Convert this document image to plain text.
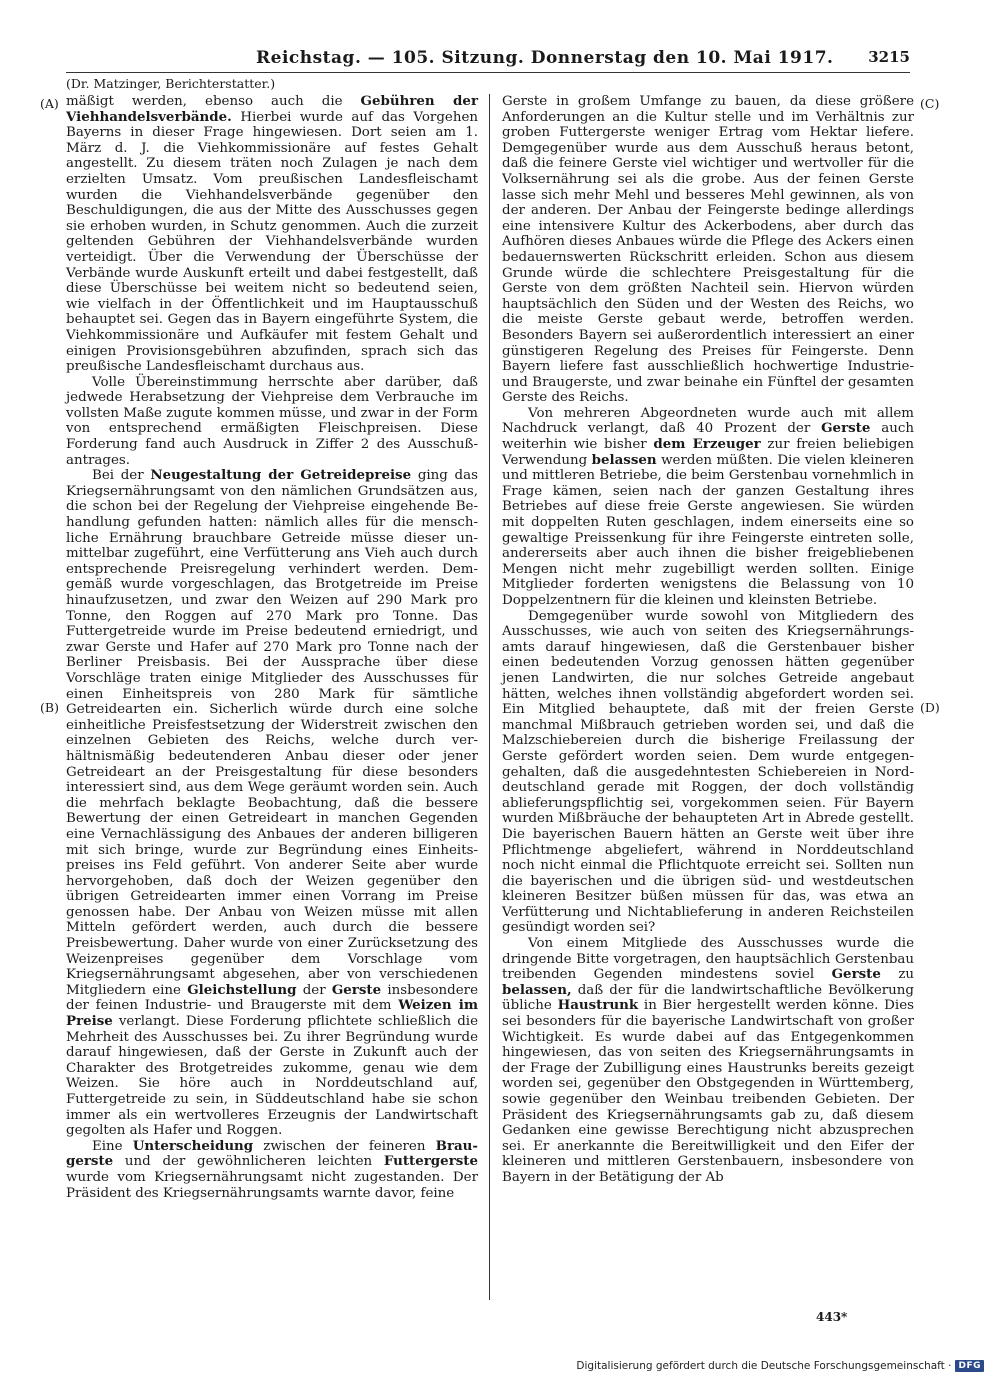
Reichstag. — 105. Sitzung. Donnerstag den 10. Mai 1917. 3215
(Dr. Matzinger, Berichterstatter.)
(A)
(B)
(C)
(D)

mäßigt werden, ebenso auch die Gebühren der Viehhandelsverbände. Hierbei wurde auf das Vorgehen Bayerns in dieser Frage hingewiesen. Dort seien am 1. März d. J. die Viehkommissionäre auf festes Gehalt angestellt. Zu diesem träten noch Zulagen je nach dem erzielten Umsatz. Vom preußischen Landesfleischamt wurden die Viehhandelsverbände gegenüber den Beschuldigungen, die aus der Mitte des Ausschusses gegen sie erhoben wurden, in Schutz genommen. Auch die zurzeit geltenden Gebühren der Viehhandelsverbände wurden verteidigt. Über die Verwendung der Überschüsse der Verbände wurde Auskunft erteilt und dabei festgestellt, daß diese Überschüsse bei weitem nicht so bedeutend seien, wie vielfach in der Öffentlichkeit und im Hauptausschuß behauptet sei. Gegen das in Bayern eingeführte System, die Viehkommissionäre und Aufkäufer mit festem Gehalt und einigen Provisionsgebühren abzufinden, sprach sich das preußische Landesfleischamt durchaus aus.

Volle Übereinstimmung herrschte aber darüber, daß jedwede Herabsetzung der Viehpreise dem Verbrauche im vollsten Maße zugute kommen müsse, und zwar in der Form von entsprechend ermäßigten Fleischpreisen. Diese Forderung fand auch Ausdruck in Ziffer 2 des Ausschußantrages.

Bei der Neugestaltung der Getreidepreise ging das Kriegsernährungsamt von den nämlichen Grundsätzen aus, die schon bei der Regelung der Viehpreise eingehende Behandlung gefunden hatten: nämlich alles für die menschliche Ernährung brauchbare Getreide müsse dieser unmittelbar zugeführt, eine Verfütterung ans Vieh auch durch entsprechende Preisregelung verhindert werden. Demgemäß wurde vorgeschlagen, das Brotgetreide im Preise hinaufzusetzen, und zwar den Weizen auf 290 Mark pro Tonne, den Roggen auf 270 Mark pro Tonne. Das Futtergetreide wurde im Preise bedeutend erniedrigt, und zwar Gerste und Hafer auf 270 Mark pro Tonne nach der Berliner Preisbasis. Bei der Aussprache über diese Vorschläge traten einige Mitglieder des Ausschusses für einen Einheitspreis von 280 Mark für sämtliche Getreidearten ein. Sicherlich würde durch eine solche einheitliche Preisfestsetzung der Widerstreit zwischen den einzelnen Gebieten des Reichs, welche durch verhältnismäßig bedeutenderen Anbau dieser oder jener Getreideart an der Preisgestaltung für diese besonders interessiert sind, aus dem Wege geräumt worden sein. Auch die mehrfach beklagte Beobachtung, daß die bessere Bewertung der einen Getreideart in manchen Gegenden eine Vernachlässigung des Anbaues der anderen billigeren mit sich bringe, wurde zur Begründung eines Einheitspreises ins Feld geführt. Von anderer Seite aber wurde hervorgehoben, daß doch der Weizen gegenüber den übrigen Getreidearten immer einen Vorrang im Preise genossen habe. Der Anbau von Weizen müsse mit allen Mitteln gefördert werden, auch durch die bessere Preisbewertung. Daher wurde von einer Zurücksetzung des Weizenpreises gegenüber dem Vorschlage vom Kriegsernährungsamt abgesehen, aber von verschiedenen Mitgliedern eine Gleichstellung der Gerste insbesondere der feinen Industrie- und Braugerste mit dem Weizen im Preise verlangt. Diese Forderung pflichtete schließlich die Mehrheit des Ausschusses bei. Zu ihrer Begründung wurde darauf hingewiesen, daß der Gerste in Zukunft auch der Charakter des Brotgetreides zukomme, genau wie dem Weizen. Sie höre auch in Norddeutschland auf, Futtergetreide zu sein, in Süddeutschland habe sie schon immer als ein wertvolleres Erzeugnis der Landwirtschaft gegolten als Hafer und Roggen.

Eine Unterscheidung zwischen der feineren Braugerste und der gewöhnlicheren leichten Futtergerste wurde vom Kriegsernährungsamt nicht zugestanden. Der Präsident des Kriegsernährungsamts warnte davor, feine

Gerste in großem Umfange zu bauen, da diese größere Anforderungen an die Kultur stelle und im Verhältnis zur groben Futtergerste weniger Ertrag vom Hektar liefere. Demgegenüber wurde aus dem Ausschuß heraus betont, daß die feinere Gerste viel wichtiger und wertvoller für die Volksernährung sei als die grobe. Aus der feinen Gerste lasse sich mehr Mehl und besseres Mehl gewinnen, als von der anderen. Der Anbau der Feingerste bedinge allerdings eine intensivere Kultur des Ackerbodens, aber durch das Aufhören dieses Anbaues würde die Pflege des Ackers einen bedauernswerten Rückschritt erleiden. Schon aus diesem Grunde würde die schlechtere Preisgestaltung für die Gerste von dem größten Nachteil sein. Hiervon würden hauptsächlich den Süden und der Westen des Reichs, wo die meiste Gerste gebaut werde, betroffen werden. Besonders Bayern sei außerordentlich interessiert an einer günstigeren Regelung des Preises für Feingerste. Denn Bayern liefere fast ausschließlich hochwertige Industrie- und Braugerste, und zwar beinahe ein Fünftel der gesamten Gerste des Reichs.

Von mehreren Abgeordneten wurde auch mit allem Nachdruck verlangt, daß 40 Prozent der Gerste auch weiterhin wie bisher dem Erzeuger zur freien beliebigen Verwendung belassen werden müßten. Die vielen kleineren und mittleren Betriebe, die beim Gerstenbau vornehmlich in Frage kämen, seien nach der ganzen Gestaltung ihres Betriebes auf diese freie Gerste angewiesen. Sie würden mit doppelten Ruten geschlagen, indem einerseits eine so gewaltige Preissenkung für ihre Feingerste eintreten solle, andererseits aber auch ihnen die bisher freigebliebenen Mengen nicht mehr zugebilligt werden sollten. Einige Mitglieder forderten wenigstens die Belassung von 10 Doppelzentnern für die kleinen und kleinsten Betriebe.

Demgegenüber wurde sowohl von Mitgliedern des Ausschusses, wie auch von seiten des Kriegsernährungsamts darauf hingewiesen, daß die Gerstenbauer bisher einen bedeutenden Vorzug genossen hätten gegenüber jenen Landwirten, die nur solches Getreide angebaut hätten, welches ihnen vollständig abgefordert worden sei. Ein Mitglied behauptete, daß mit der freien Gerste manchmal Mißbrauch getrieben worden sei, und daß die Malzschiebereien durch die bisherige Freilassung der Gerste gefördert worden seien. Dem wurde entgegengehalten, daß die ausgedehntesten Schiebereien in Norddeutschland gerade mit Roggen, der doch vollständig ablieferungspflichtig sei, vorgekommen seien. Für Bayern wurden Mißbräuche der behaupteten Art in Abrede gestellt. Die bayerischen Bauern hätten an Gerste weit über ihre Pflichtmenge abgeliefert, während in Norddeutschland noch nicht einmal die Pflichtquote erreicht sei. Sollten nun die bayerischen und die übrigen süd- und westdeutschen kleineren Besitzer büßen müssen für das, was etwa an Verfütterung und Nichtablieferung in anderen Reichsteilen gesündigt worden sei?

Von einem Mitgliede des Ausschusses wurde die dringende Bitte vorgetragen, den hauptsächlich Gerstenbau treibenden Gegenden mindestens soviel Gerste zu belassen, daß der für die landwirtschaftliche Bevölkerung übliche Haustrunk in Bier hergestellt werden könne. Dies sei besonders für die bayerische Landwirtschaft von großer Wichtigkeit. Es wurde dabei auf das Entgegenkommen hingewiesen, das von seiten des Kriegsernährungsamts in der Frage der Zubilligung eines Haustrunks bereits gezeigt worden sei, gegenüber den Obstgegenden in Württemberg, sowie gegenüber den Weinbau treibenden Gebieten. Der Präsident des Kriegsernährungsamts gab zu, daß diesem Gedanken eine gewisse Berechtigung nicht abzusprechen sei. Er anerkannte die Bereitwilligkeit und den Eifer der kleineren und mittleren Gerstenbauern, insbesondere von Bayern in der Betätigung der Ab

443*
Digitalisierung gefördert durch die Deutsche Forschungsgemeinschaft · DFG
